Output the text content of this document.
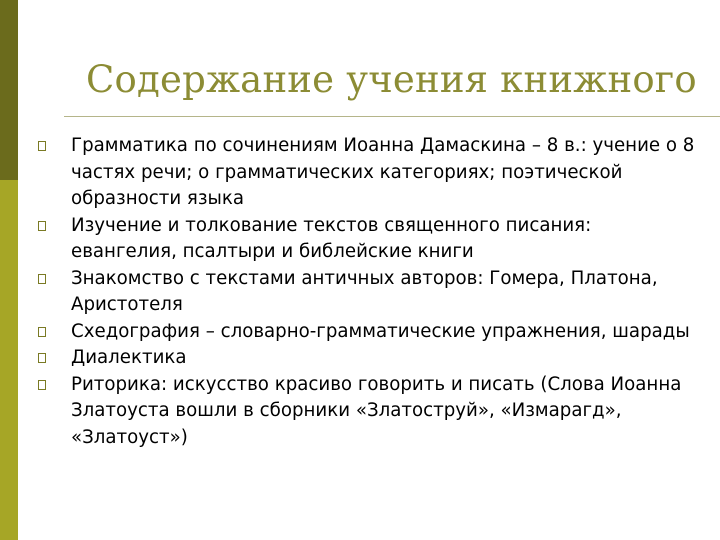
Содержание учения книжного
Грамматика по сочинениям Иоанна Дамаскина – 8 в.: учение о 8 частях речи; о грамматических категориях; поэтической образности языка
Изучение и толкование текстов священного писания: евангелия, псалтыри и библейские книги
Знакомство с текстами античных авторов: Гомера, Платона, Аристотеля
Схедография – словарно-грамматические упражнения, шарады
Диалектика
Риторика: искусство красиво говорить и писать (Слова Иоанна Златоуста вошли в сборники «Златоструй», «Измарагд», «Златоуст»)
